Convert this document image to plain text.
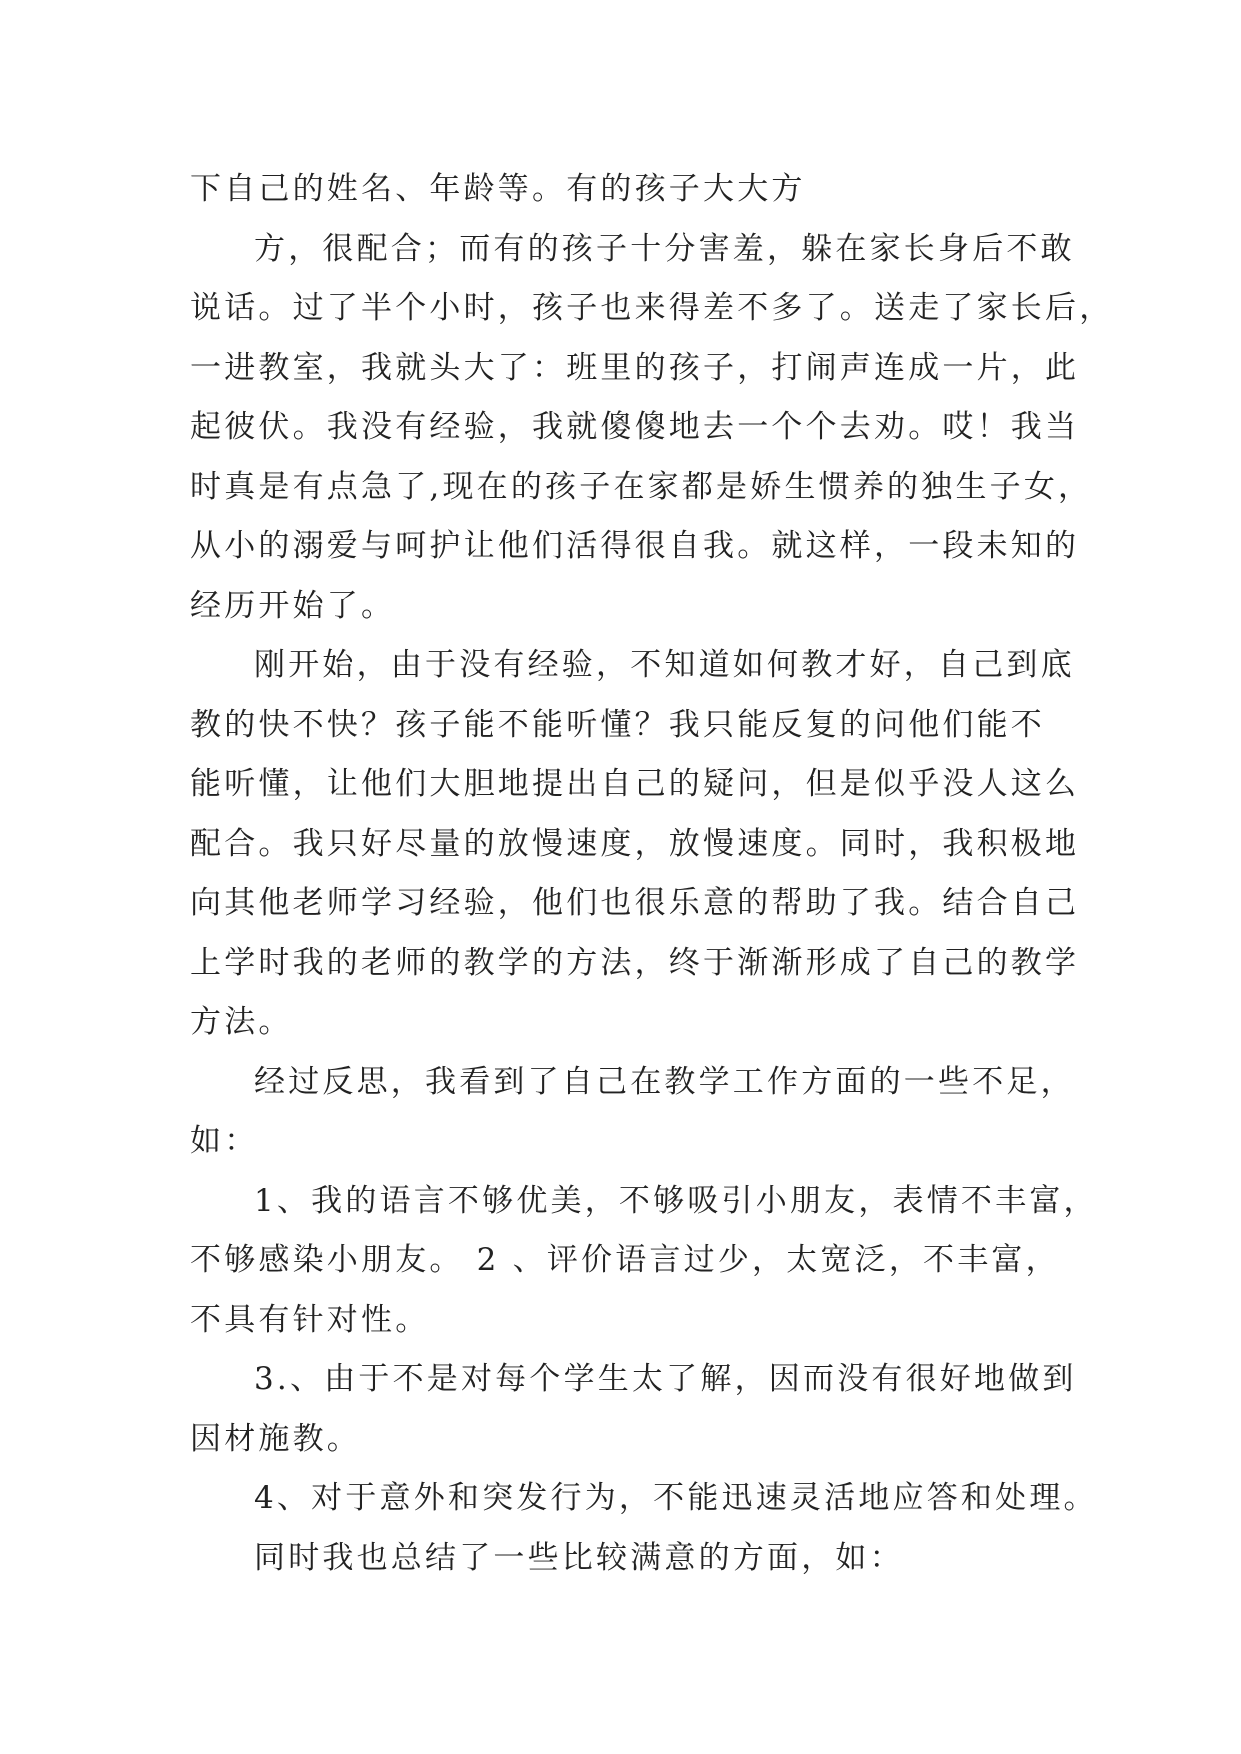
下自己的姓名、年龄等。有的孩子大大方
方，很配合；而有的孩子十分害羞，躲在家长身后不敢
说话。过了半个小时，孩子也来得差不多了。送走了家长后，
一进教室，我就头大了：班里的孩子，打闹声连成一片，此
起彼伏。我没有经验，我就傻傻地去一个个去劝。哎！我当
时真是有点急了,现在的孩子在家都是娇生惯养的独生子女，
从小的溺爱与呵护让他们活得很自我。就这样，一段未知的
经历开始了。
刚开始，由于没有经验，不知道如何教才好，自己到底
教的快不快？孩子能不能听懂？我只能反复的问他们能不
能听懂，让他们大胆地提出自己的疑问，但是似乎没人这么
配合。我只好尽量的放慢速度，放慢速度。同时，我积极地
向其他老师学习经验，他们也很乐意的帮助了我。结合自己
上学时我的老师的教学的方法，终于渐渐形成了自己的教学
方法。
经过反思，我看到了自己在教学工作方面的一些不足，
如：
1、我的语言不够优美，不够吸引小朋友，表情不丰富，
不够感染小朋友。 2 、评价语言过少，太宽泛，不丰富，
不具有针对性。
3.、由于不是对每个学生太了解，因而没有很好地做到
因材施教。
4、对于意外和突发行为，不能迅速灵活地应答和处理。
同时我也总结了一些比较满意的方面，如：
